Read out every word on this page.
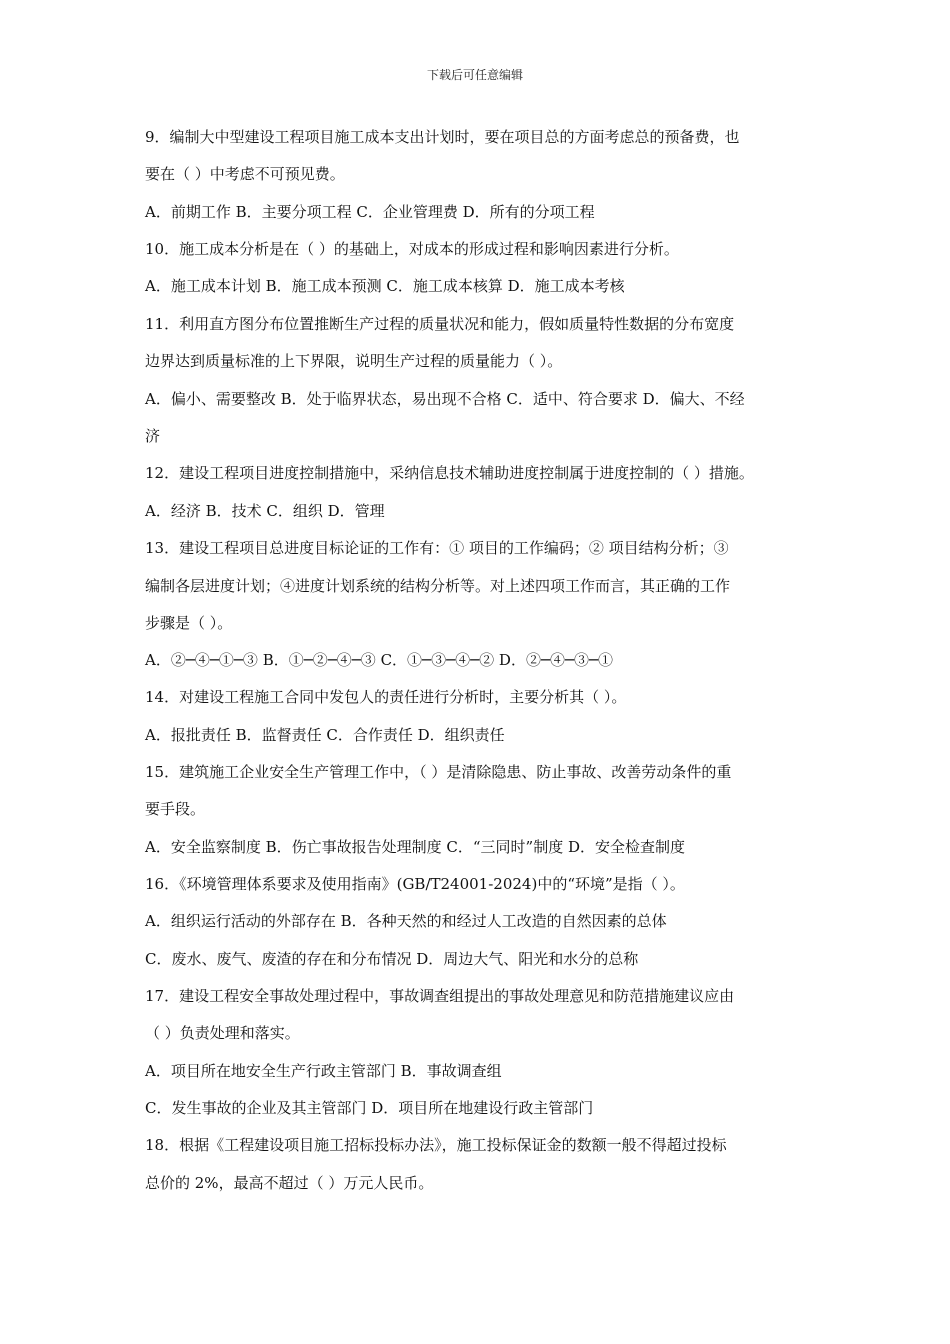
下载后可任意编辑
9．编制大中型建设工程项目施工成本支出计划时，要在项目总的方面考虑总的预备费，也
要在（ ）中考虑不可预见费。
A．前期工作 B．主要分项工程 C．企业管理费 D．所有的分项工程
10．施工成本分析是在（ ）的基础上，对成本的形成过程和影响因素进行分析。
A．施工成本计划 B．施工成本预测 C．施工成本核算 D．施工成本考核
11．利用直方图分布位置推断生产过程的质量状况和能力，假如质量特性数据的分布宽度
边界达到质量标准的上下界限，说明生产过程的质量能力（ ）。
A．偏小、需要整改 B．处于临界状态，易出现不合格 C．适中、符合要求 D．偏大、不经
济
12．建设工程项目进度控制措施中，采纳信息技术辅助进度控制属于进度控制的（ ）措施。
A．经济 B．技术 C．组织 D．管理
13．建设工程项目总进度目标论证的工作有：① 项目的工作编码；② 项目结构分析；③
编制各层进度计划；④进度计划系统的结构分析等。对上述四项工作而言，其正确的工作
步骤是（ ）。
A．②─④─①─③ B．①─②─④─③ C．①─③─④─② D．②─④─③─①
14．对建设工程施工合同中发包人的责任进行分析时，主要分析其（ ）。
A．报批责任 B．监督责任 C．合作责任 D．组织责任
15．建筑施工企业安全生产管理工作中，（ ）是清除隐患、防止事故、改善劳动条件的重
要手段。
A．安全监察制度 B．伤亡事故报告处理制度 C．“三同时”制度 D．安全检查制度
16．《环境管理体系要求及使用指南》(GB/T24001-2024)中的“环境”是指（ ）。
A．组织运行活动的外部存在 B．各种天然的和经过人工改造的自然因素的总体
C．废水、废气、废渣的存在和分布情况 D．周边大气、阳光和水分的总称
17．建设工程安全事故处理过程中，事故调查组提出的事故处理意见和防范措施建议应由
（ ）负责处理和落实。
A．项目所在地安全生产行政主管部门 B．事故调查组
C．发生事故的企业及其主管部门 D．项目所在地建设行政主管部门
18．根据《工程建设项目施工招标投标办法》，施工投标保证金的数额一般不得超过投标
总价的 2%，最高不超过（ ）万元人民币。
